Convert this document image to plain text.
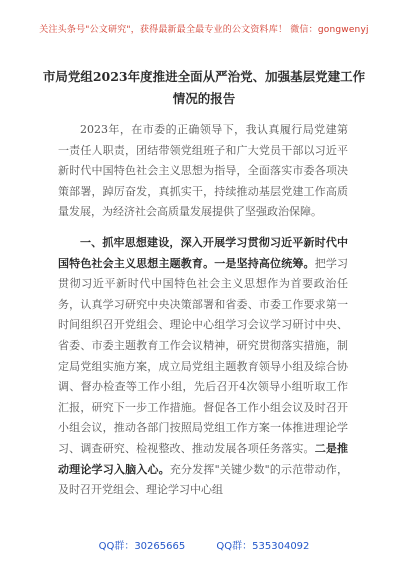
关注头条号"公文研究"，获得最新最全最专业的公文资料库！ 微信：gongwenyj
市局党组2023年度推进全面从严治党、加强基层党建工作
情况的报告

2023年，在市委的正确领导下，我认真履行局党建第一责任人职责，团结带领党组班子和广大党员干部以习近平新时代中国特色社会主义思想为指导，全面落实市委各项决策部署，踔厉奋发，真抓实干，持续推动基层党建工作高质量发展，为经济社会高质量发展提供了坚强政治保障。

一、抓牢思想建设，深入开展学习贯彻习近平新时代中国特色社会主义思想主题教育。一是坚持高位统筹。把学习贯彻习近平新时代中国特色社会主义思想作为首要政治任务，认真学习研究中央决策部署和省委、市委工作要求第一时间组织召开党组会、理论中心组学习会议学习研讨中央、省委、市委主题教育工作会议精神，研究贯彻落实措施，制定局党组实施方案，成立局党组主题教育领导小组及综合协调、督办检查等工作小组，先后召开4次领导小组听取工作汇报，研究下一步工作措施。督促各工作小组会议及时召开小组会议，推动各部门按照局党组工作方案一体推进理论学习、调查研究、检视整改、推动发展各项任务落实。二是推动理论学习入脑入心。充分发挥"关键少数"的示范带动作，及时召开党组会、理论学习中心组

QQ群：30265665	QQ群：535304092
